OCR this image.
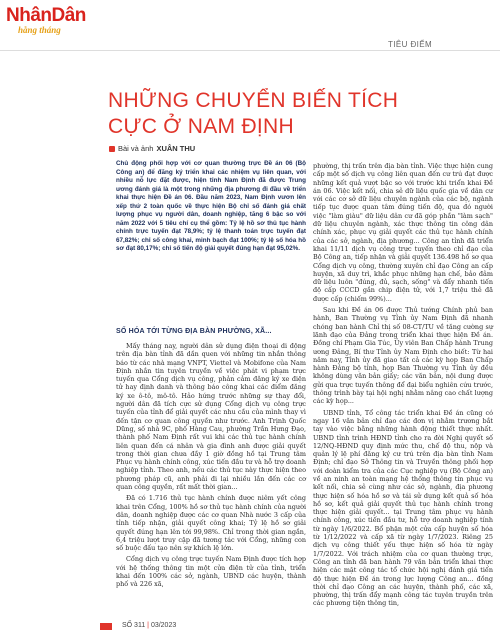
NhânDân
hằng tháng
TIÊU ĐIỂM
NHỮNG CHUYỂN BIẾN TÍCH CỰC Ở NAM ĐỊNH
Bài và ảnh XUÂN THU
Chủ động phối hợp với cơ quan thường trực Đề án 06 (Bộ Công an) để đăng ký triển khai các nhiệm vụ liên quan, với nhiều nỗ lực đặt được, hiện tỉnh Nam Định đã được Trung ương đánh giá là một trong những địa phương đi đầu về triển khai thực hiện Đề án 06. Đầu năm 2023, Nam Định vươn lên xếp thứ 2 toàn quốc về thực hiện Bộ chỉ số đánh giá chất lượng phục vụ người dân, doanh nghiệp, tăng 6 bậc so với năm 2022 với 5 tiêu chí cụ thể gồm: Tỷ lệ hồ sơ thủ tục hành chính trực tuyến đạt 78,9%; tỷ lệ thanh toán trực tuyến đạt 67,82%; chỉ số công khai, minh bạch đạt 100%; tỷ lệ số hóa hồ sơ đạt 80,17%; chỉ số tiến độ giải quyết đúng hạn đạt 95,02%.
SỐ HÓA TỚI TỪNG ĐỊA BÀN PHƯỜNG, XÃ...

Mấy tháng nay, người dân sử dụng điện thoại di động trên địa bàn tỉnh đã dần quen với những tin nhắn thông báo từ các nhà mạng VNPT, Viettel và Mobifone của Nam Định nhắn tin tuyên truyền về việc phát vi phạm trực tuyến qua Cổng dịch vụ công, phản cảm đăng ký xe điện tử hay định danh và thông báo công khai các điểm đăng ký xe ô-tô, mô-tô. Hảo hứng trước những sự thay đổi, người dân đã tích cực sử dụng Cổng dịch vụ công trực tuyến của tỉnh để giải quyết các nhu cầu của mình thay vì đến tận cơ quan công quyền như trước. Anh Trịnh Quốc Dũng, số nhà 9C, phố Hàng Cau, phường Trần Hưng Đạo, thành phố Nam Định rất vui khi các thủ tục hành chính liên quan đến cá nhân và gia đình anh được giải quyết trong thời gian chưa đầy 1 giờ đồng hồ tại Trung tâm Phục vụ hành chính công, xúc tiến đầu tư và hỗ trợ doanh nghiệp tỉnh. Theo anh, nếu các thủ tục này thực hiện theo phương pháp cũ, anh phải đi lại nhiều lần đến các cơ quan công quyền, rất mất thời gian...

Đã có 1.716 thủ tục hành chính được niêm yết công khai trên Cổng, 100% hồ sơ thủ tục hành chính của người dân, doanh nghiệp được các cơ quan Nhà nước 3 cấp của tỉnh tiếp nhận, giải quyết công khai; Tỷ lệ hồ sơ giải quyết đúng hạn lên tới 99,98%. Chỉ trong thời gian ngắn, 6,4 triệu lượt truy cập đã tương tác với Cổng, những con số buộc đấu tạo nên sự khích lệ lớn.

Cổng dịch vụ công trực tuyến Nam Định được tích hợp với hệ thống thông tin một cửa điện tử của tỉnh, triển khai đến 100% các sở, ngành, UBND các huyện, thành phố và 226 xã,

phường, thị trấn trên địa bàn tỉnh. Việc thực hiện cung cấp một số dịch vụ công liên quan đến cư trú đạt được những kết quả vượt bậc so với trước khi triển khai Đề án 06. Việc kết nối, chia sẻ dữ liệu quốc gia về dân cư với các cơ sở dữ liệu chuyên ngành của các bộ, ngành tiếp tục được quan tâm đúng tiến độ, qua đó người việc "làm giàu" dữ liệu dân cư đã góp phần "làm sạch" dữ liệu chuyên ngành, xác thực thông tin công dân chính xác, phục vụ giải quyết các thủ tục hành chính của các sở, ngành, địa phương... Công an tỉnh đã triển khai 11/11 dịch vụ công trực tuyến theo chỉ đạo của Bộ Công an, tiếp nhận và giải quyết 136.498 hồ sơ qua Cổng dịch vụ công, thường xuyên chỉ đạo Công an cấp huyện, xã duy trì, khắc phục những hạn chế, bảo đảm dữ liệu luôn "đúng, đủ, sạch, sống" và đẩy nhanh tiến độ cấp CCCD gắn chip điện tử, với 1,7 triệu thẻ đã được cấp (chiếm 99%)...

Sau khi Đề án 06 được Thủ tướng Chính phủ ban hành, Ban Thường vụ Tỉnh ủy Nam Định đã nhanh chóng ban hành Chỉ thị số 08-CT/TU về tăng cường sự lãnh đạo của Đảng trong triển khai thực hiện Đề án. Đồng chí Phạm Gia Túc, Ủy viên Ban Chấp hành Trung ương Đảng, Bí thư Tỉnh ủy Nam Định cho biết: Từ hai năm nay, Tỉnh ủy đã giao tất cả các kỳ họp Ban Chấp hành Đảng bộ tỉnh, họp Ban Thường vụ Tỉnh ủy đều không dùng văn bản giấy; các văn bản, nội dung được gửi qua trực tuyến thông để đại biểu nghiên cứu trước, thông trình bày tại hội nghị nhằm nâng cao chất lượng các kỳ họp...

UBND tỉnh, Tổ công tác triển khai Đề án cũng có ngay 16 văn bản chỉ đạo các đơn vị nhằm trương bắt tay vào việc bằng những hành động thiết thực nhất. UBND tỉnh trình HĐND tỉnh cho ra đời Nghị quyết số 12/NQ-HĐND quy định mức thu, chế độ thu, nộp và quản lý lệ phí đăng ký cư trú trên địa bàn tỉnh Nam Định; chỉ đạo Sở Thông tin và Truyền thông phối hợp với doàn kiểm tra của các Cục nghiệp vụ (Bộ Công an) về an ninh an toàn mạng hệ thống thông tin phục vụ kết nối, chia sẻ cùng như các sở, ngành, địa phương thực hiện số hóa hồ sơ và tái sử dụng kết quả số hóa hồ sơ, kết quả giải quyết thủ tục hành chính trong thực hiện giải quyết... tại Trung tâm phục vụ hành chính công, xúc tiến đầu tư, hỗ trợ doanh nghiệp tính từ ngày 1/6/2022. Bổ phận một cửa cấp huyện số hóa từ 1/12/2022 và cấp xã từ ngày 1/7/2023. Riêng 25 dịch vụ công thiết yếu thực hiện số hóa từ ngày 1/7/2022. Với trách nhiệm của cơ quan thường trực, Công an tỉnh đã ban hành 79 văn bản triển khai thực hiện các mặt công tác tổ chức hội nghị đánh giá tiến độ thực hiện Đề án trong lực lượng Công an... đồng thời chỉ đạo Công an các huyện, thành phố, các xã, phường, thị trấn đẩy mạnh công tác tuyên truyền trên các phương tiện thông tin,

SỐ 311 | 03/2023
